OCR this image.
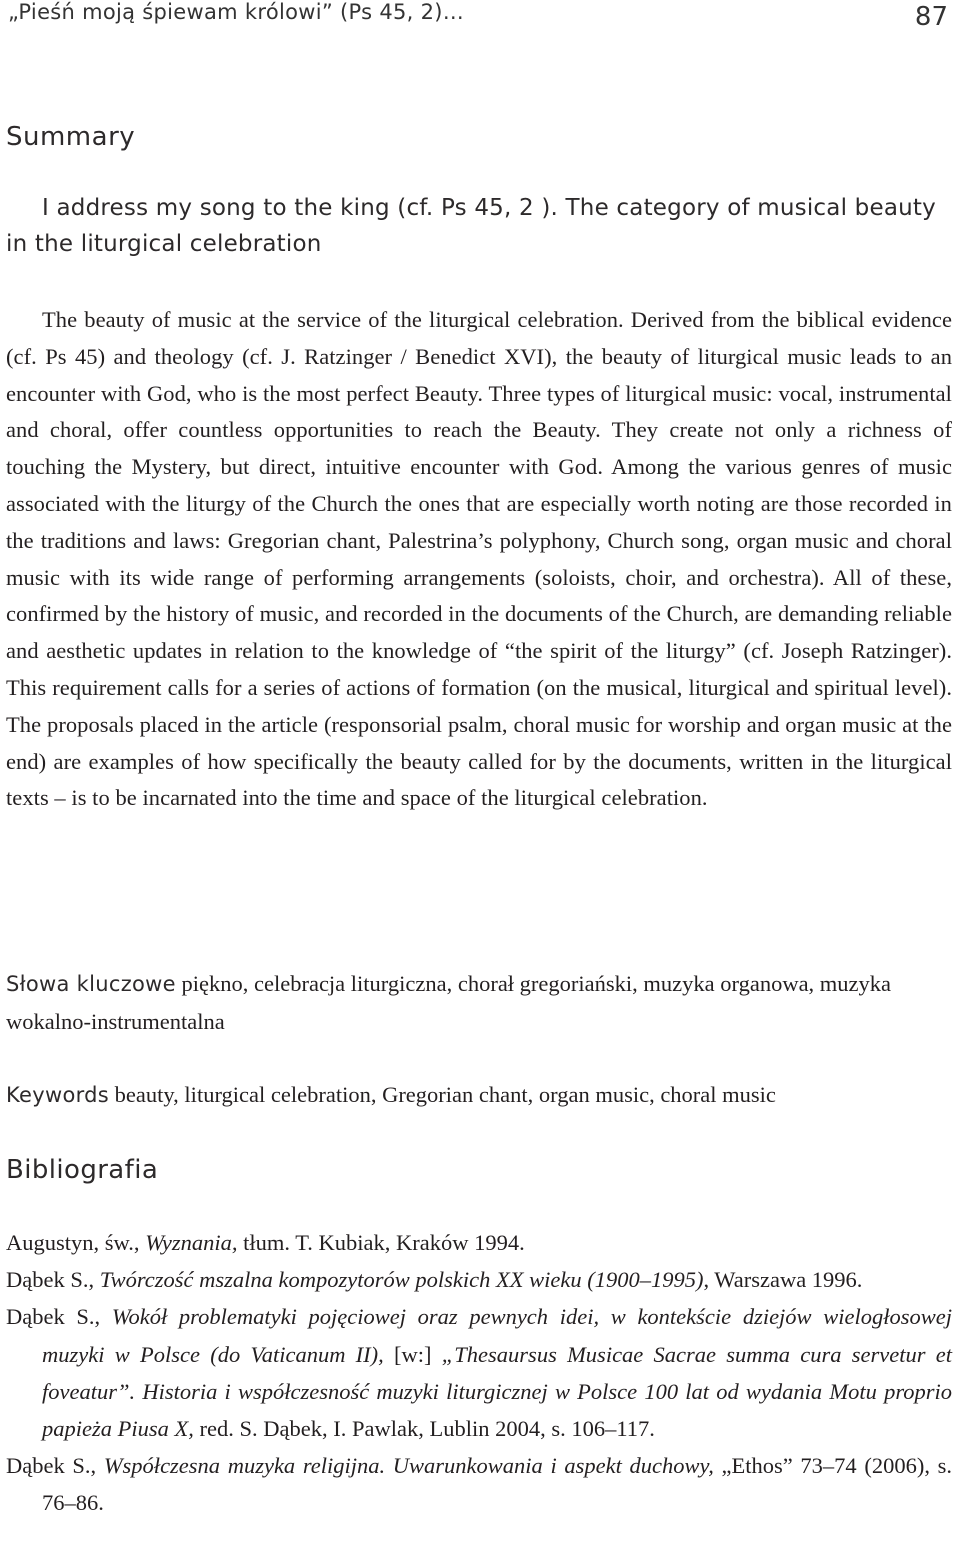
„Pieśń moją śpiewam królowi” (Ps 45, 2)…	87
Summary
I address my song to the king (cf. Ps 45, 2 ). The category of musical beauty in the liturgical celebration

The beauty of music at the service of the liturgical celebration. Derived from the biblical evidence (cf. Ps 45) and theology (cf. J. Ratzinger / Benedict XVI), the beauty of liturgical music leads to an encounter with God, who is the most perfect Beauty. Three types of liturgical music: vocal, instrumental and choral, offer countless opportunities to reach the Beauty. They create not only a richness of touching the Mystery, but direct, intuitive encounter with God. Among the various genres of music associated with the liturgy of the Church the ones that are especially worth noting are those recorded in the traditions and laws: Gregorian chant, Palestrina’s polyphony, Church song, organ music and choral music with its wide range of performing arrangements (soloists, choir, and orchestra). All of these, confirmed by the history of music, and recorded in the documents of the Church, are demanding reliable and aesthetic updates in relation to the knowledge of “the spirit of the liturgy” (cf. Joseph Ratzinger). This requirement calls for a series of actions of formation (on the musical, liturgical and spiritual level). The proposals placed in the article (responsorial psalm, choral music for worship and organ music at the end) are examples of how specifically the beauty called for by the documents, written in the liturgical texts – is to be incarnated into the time and space of the liturgical celebration.

Słowa kluczowe piękno, celebracja liturgiczna, chorał gregoriański, muzyka organowa, muzyka wokalno-instrumentalna
Keywords beauty, liturgical celebration, Gregorian chant, organ music, choral music
Bibliografia
Augustyn, św., Wyznania, tłum. T. Kubiak, Kraków 1994.
Dąbek S., Twórczość mszalna kompozytorów polskich XX wieku (1900–1995), Warszawa 1996.
Dąbek S., Wokół problematyki pojęciowej oraz pewnych idei, w kontekście dziejów wielogłosowej muzyki w Polsce (do Vaticanum II), [w:] „Thesaursus Musicae Sacrae summa cura servetur et foveatur”. Historia i współczesność muzyki liturgicznej w Polsce 100 lat od wydania Motu proprio papieża Piusa X, red. S. Dąbek, I. Pawlak, Lublin 2004, s. 106–117.
Dąbek S., Współczesna muzyka religijna. Uwarunkowania i aspekt duchowy, „Ethos” 73–74 (2006), s. 76–86.
